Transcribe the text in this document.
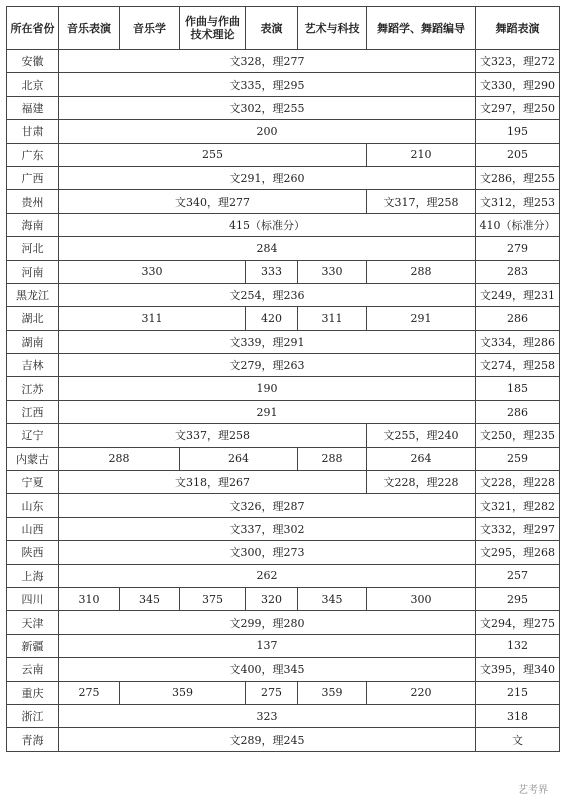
所在省份	音乐表演	音乐学	作曲与作曲技术理论	表演	艺术与科技	舞蹈学、舞蹈编导	舞蹈表演
安徽	文328，理277						文323，理272
北京	文335，理295						文330，理290
福建	文302，理255						文297，理250
甘肃	200						195
广东	255					210	205
广西	文291，理260						文286，理255
贵州	文340，理277					文317，理258	文312，理253
海南	415（标准分）						410（标准分）
河北	284						279
河南	330			333	330	288	283
黑龙江	文254，理236						文249，理231
湖北	311			420	311	291	286
湖南	文339，理291						文334，理286
吉林	文279，理263						文274，理258
江苏	190						185
江西	291						286
辽宁	文337，理258					文255，理240	文250，理235
内蒙古	288		264		288	264	259
宁夏	文318，理267					文228，理228	文228，理228
山东	文326，理287						文321，理282
山西	文337，理302						文332，理297
陕西	文300，理273						文295，理268
上海	262						257
四川	310	345	375	320	345	300	295
天津	文299，理280						文294，理275
新疆	137						132
云南	文400，理345						文395，理340
重庆	275	359		275	359	220	215
浙江	323						318
青海	文289，理245						文
艺考界
